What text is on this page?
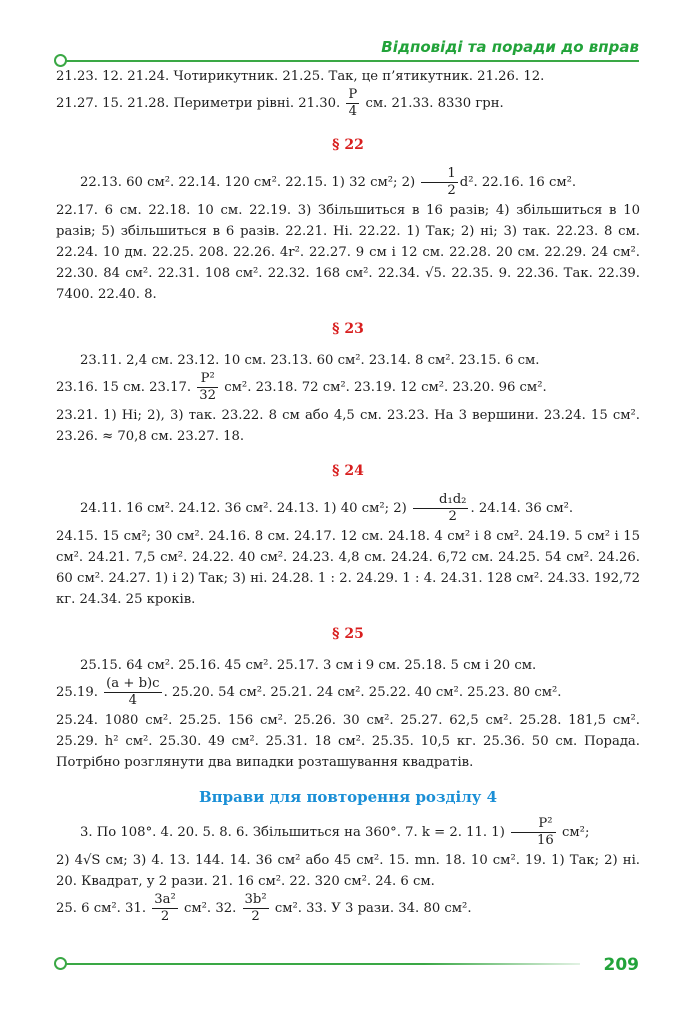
Відповіді та поради до вправ

21.23. 12. 21.24. Чотирикутник. 21.25. Так, це п’ятикутник. 21.26. 12.

21.27. 15. 21.28. Периметри рівні. 21.30. $\frac{P}{4}$ см. 21.33. 8330 грн.

§ 22

22.13. 60 см². 22.14. 120 см². 22.15. 1) 32 см²; $2) \frac{1}{2} d^2$. 22.16. 16 см².

22.17. 6 см. 22.18. 10 см. 22.19. 3) Збільшиться в 16 разів; 4) збільшиться в 10 разів; 5) збільшиться в 6 разів. 22.21. Ні. 22.22. 1) Так; 2) ні; 3) так. 22.23. 8 см. 22.24. 10 дм. 22.25. 208. 22.26. 4r². 22.27. 9 см і 12 см. 22.28. 20 см. 22.29. 24 см². 22.30. 84 см². 22.31. 108 см². 22.32. 168 см². 22.34. √5. 22.35. 9. 22.36. Так. 22.39. 7400. 22.40. 8.

§ 23

23.11. 2,4 см. 23.12. 10 см. 23.13. 60 см². 23.14. 8 см². 23.15. 6 см.

23.16. 15 см. 23.17. $\frac{\text{P²}}{32} см^2$. 23.18. 72 см². 23.19. 12 см². 23.20. 96 см².

23.21. 1) Ні; 2), 3) так. 23.22. 8 см або 4,5 см. 23.23. На 3 вершини. 23.24. 15 см². 23.26. ≈ 70,8 см. 23.27. 18.

§ 24

24.11. 16 см². 24.12. 36 см². 24.13. 1) 40 см²; $2) \frac{\text{d₁d₂}}{2}$ . 24.14. 36 см².

24.15. 15 см²; 30 см². 24.16. 8 см. 24.17. 12 см. 24.18. 4 см² і 8 см². 24.19. 5 см² і 15 см². 24.21. 7,5 см². 24.22. 40 см². 24.23. 4,8 см. 24.24. 6,72 см. 24.25. 54 см². 24.26. 60 см². 24.27. 1) і 2) Так; 3) ні. 24.28. 1 : 2. 24.29. 1 : 4. 24.31. 128 см². 24.33. 192,72 кг. 24.34. 25 кроків.

§ 25

25.15. 64 см². 25.16. 45 см². 25.17. 3 см і 9 см. 25.18. 5 см і 20 см.

25.19. $\frac{(a + b)c}{4}$ . 25.20. 54 см². 25.21. 24 см². 25.22. 40 см². 25.23. 80 см².

25.24. 1080 см². 25.25. 156 см². 25.26. 30 см². 25.27. 62,5 см². 25.28. 181,5 см². 25.29. h² см². 25.30. 49 см². 25.31. 18 см². 25.35. 10,5 кг. 25.36. 50 см. Порада. Потрібно розглянути два випадки розташування квадратів.

Вправи для повторення розділу 4

3. По 108°. 4. 20. 5. 8. 6. Збільшиться на 360°. 7. k = 2. 11. $1) \frac{\text{P²}}{16} см^2$;

2) 4√S см; 3) 4. 13. 144. 14. 36 см² або 45 см². 15. mn. 18. 10 см². 19. 1) Так; 2) ні. 20. Квадрат, у 2 рази. 21. 16 см². 22. 320 см². 24. 6 см.

25. 6 см². 31. $\frac{\text{3a²}}{2} см^2$. 32. $\frac{\text{3b²}}{2} см^2$. 33. У 3 рази. 34. 80 см².

209
